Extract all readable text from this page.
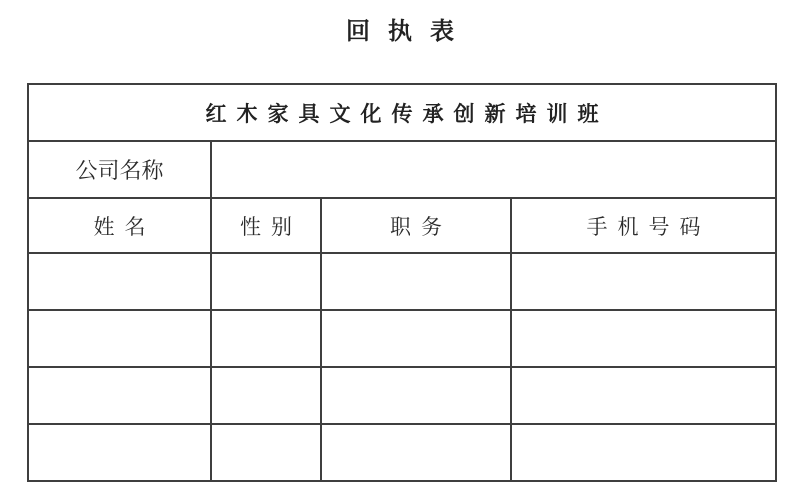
回执表
红木家具文化传承创新培训班			
公司名称			
姓名	性别	职务	手机号码
